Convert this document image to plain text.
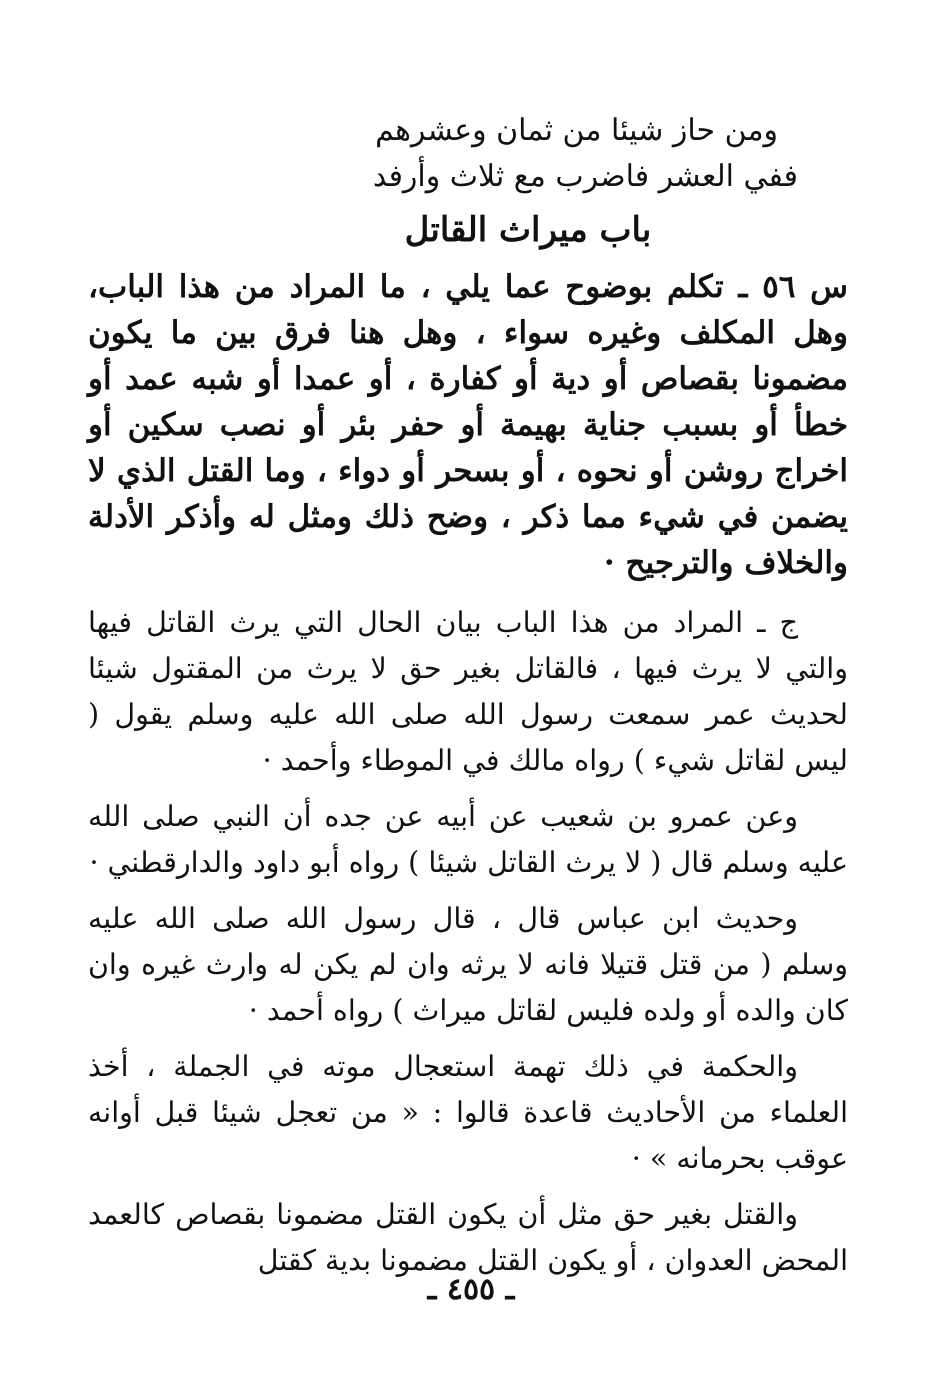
ومن حاز شيئا من ثمان وعشرهم
ففي العشر فاضرب مع ثلاث وأرفد
باب ميراث القاتل

س ٥٦ ـ تكلم بوضوح عما يلي ، ما المراد من هذا الباب، وهل المكلف وغيره سواء ، وهل هنا فرق بين ما يكون مضمونا بقصاص أو دية أو كفارة ، أو عمدا أو شبه عمد أو خطأ أو بسبب جناية بهيمة أو حفر بئر أو نصب سكين أو اخراج روشن أو نحوه ، أو بسحر أو دواء ، وما القتل الذي لا يضمن في شيء مما ذكر ، وضح ذلك ومثل له وأذكر الأدلة والخلاف والترجيح ·

ج ـ المراد من هذا الباب بيان الحال التي يرث القاتل فيها والتي لا يرث فيها ، فالقاتل بغير حق لا يرث من المقتول شيئا لحديث عمر سمعت رسول الله صلى الله عليه وسلم يقول ( ليس لقاتل شيء ) رواه مالك في الموطاء وأحمد ·

وعن عمرو بن شعيب عن أبيه عن جده أن النبي صلى الله عليه وسلم قال ( لا يرث القاتل شيئا ) رواه أبو داود والدارقطني ·

وحديث ابن عباس قال ، قال رسول الله صلى الله عليه وسلم ( من قتل قتيلا فانه لا يرثه وان لم يكن له وارث غيره وان كان والده أو ولده فليس لقاتل ميراث ) رواه أحمد ·

والحكمة في ذلك تهمة استعجال موته في الجملة ، أخذ العلماء من الأحاديث قاعدة قالوا : « من تعجل شيئا قبل أوانه عوقب بحرمانه » ·

والقتل بغير حق مثل أن يكون القتل مضمونا بقصاص كالعمد المحض العدوان ، أو يكون القتل مضمونا بدية كقتل

ـ ٤٥٥ ـ
